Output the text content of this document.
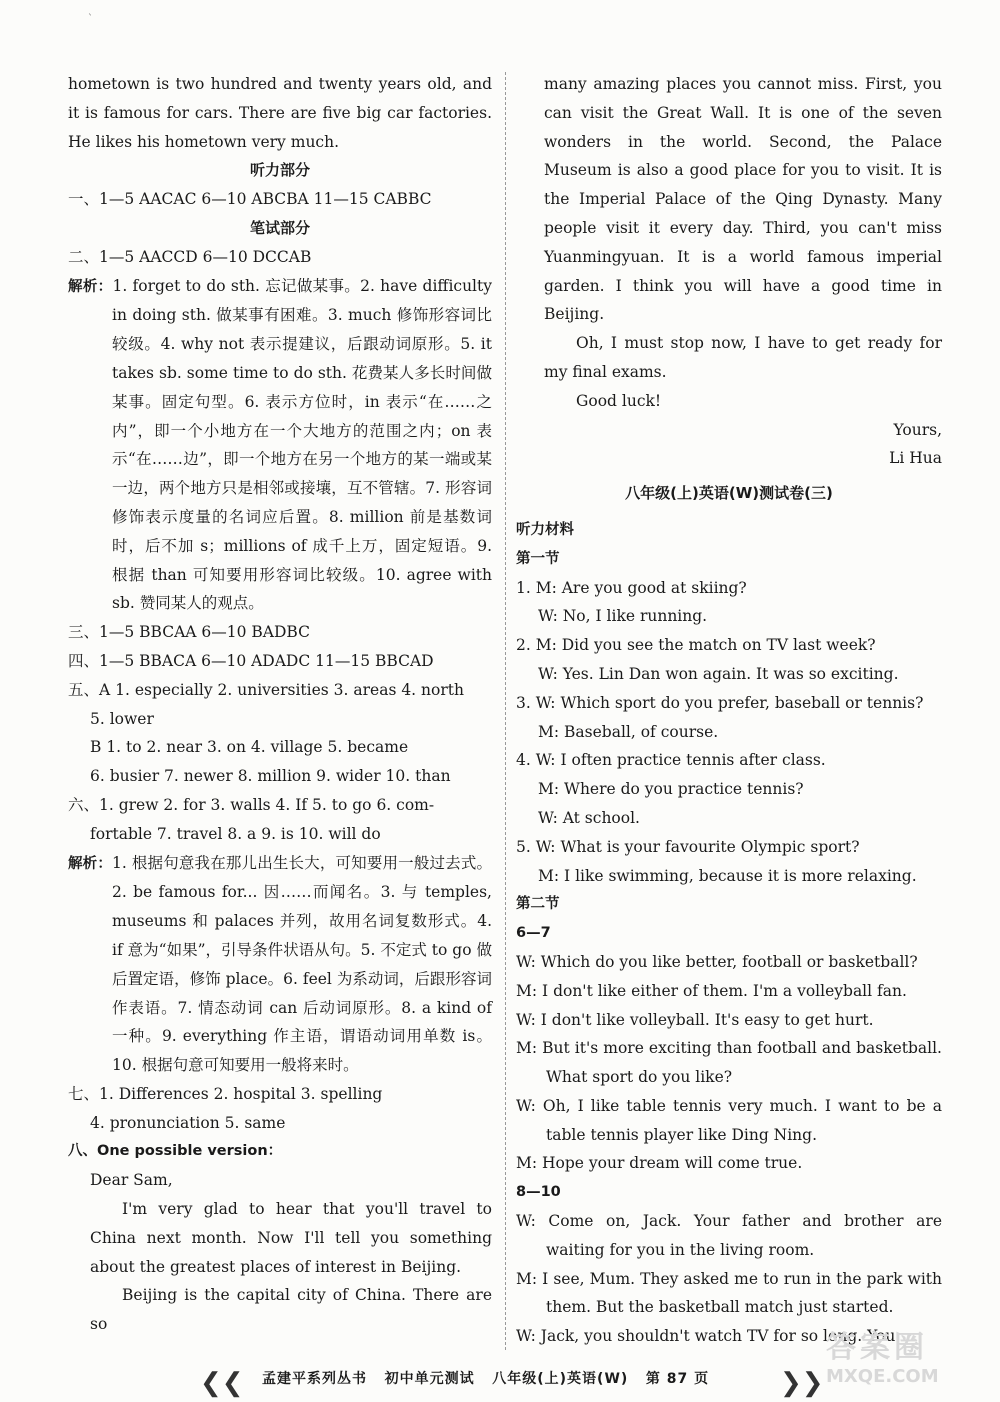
`

hometown is two hundred and twenty years old, and it is famous for cars. There are five big car factories. He likes his hometown very much.

听力部分

一、1—5 AACAC 6—10 ABCBA 11—15 CABBC

笔试部分

二、1—5 AACCD 6—10 DCCAB

解析：1. forget to do sth. 忘记做某事。2. have difficulty in doing sth. 做某事有困难。3. much 修饰形容词比较级。4. why not 表示提建议，后跟动词原形。5. it takes sb. some time to do sth. 花费某人多长时间做某事。固定句型。6. 表示方位时，in 表示“在……之内”，即一个小地方在一个大地方的范围之内；on 表示“在……边”，即一个地方在另一个地方的某一端或某一边，两个地方只是相邻或接壤，互不管辖。7. 形容词修饰表示度量的名词应后置。8. million 前是基数词时，后不加 s；millions of 成千上万，固定短语。9. 根据 than 可知要用形容词比较级。10. agree with sb. 赞同某人的观点。

三、1—5 BBCAA 6—10 BADBC

四、1—5 BBACA 6—10 ADADC 11—15 BBCAD

五、A 1. especially 2. universities 3. areas 4. north

5. lower

B 1. to 2. near 3. on 4. village 5. became

6. busier 7. newer 8. million 9. wider 10. than

六、1. grew 2. for 3. walls 4. If 5. to go 6. com-

fortable 7. travel 8. a 9. is 10. will do

解析：1. 根据句意我在那儿出生长大，可知要用一般过去式。2. be famous for... 因……而闻名。3. 与 temples, museums 和 palaces 并列，故用名词复数形式。4. if 意为“如果”，引导条件状语从句。5. 不定式 to go 做后置定语，修饰 place。6. feel 为系动词，后跟形容词作表语。7. 情态动词 can 后动词原形。8. a kind of 一种。9. everything 作主语，谓语动词用单数 is。10. 根据句意可知要用一般将来时。

七、1. Differences 2. hospital 3. spelling

4. pronunciation 5. same

八、One possible version：

Dear Sam,

I'm very glad to hear that you'll travel to China next month. Now I'll tell you something about the greatest places of interest in Beijing.

Beijing is the capital city of China. There are so

many amazing places you cannot miss. First, you can visit the Great Wall. It is one of the seven wonders in the world. Second, the Palace Museum is also a good place for you to visit. It is the Imperial Palace of the Qing Dynasty. Many people visit it every day. Third, you can't miss Yuanmingyuan. It is a world famous imperial garden. I think you will have a good time in Beijing.

Oh, I must stop now, I have to get ready for my final exams.

Good luck!

Yours,

Li Hua

八年级(上)英语(W)测试卷(三)

听力材料

第一节

1. M: Are you good at skiing?

W: No, I like running.

2. M: Did you see the match on TV last week?

W: Yes. Lin Dan won again. It was so exciting.

3. W: Which sport do you prefer, baseball or tennis?

M: Baseball, of course.

4. W: I often practice tennis after class.

M: Where do you practice tennis?

W: At school.

5. W: What is your favourite Olympic sport?

M: I like swimming, because it is more relaxing.

第二节

6—7

W: Which do you like better, football or basketball?

M: I don't like either of them. I'm a volleyball fan.

W: I don't like volleyball. It's easy to get hurt.

M: But it's more exciting than football and basketball. What sport do you like?

W: Oh, I like table tennis very much. I want to be a table tennis player like Ding Ning.

M: Hope your dream will come true.

8—10

W: Come on, Jack. Your father and brother are waiting for you in the living room.

M: I see, Mum. They asked me to run in the park with them. But the basketball match just started.

W: Jack, you shouldn't watch TV for so long. You

❮❮ 孟建平系列丛书 初中单元测试 八年级(上)英语(W) 第 87 页	❯❯
答案圈
MXQE.COM
